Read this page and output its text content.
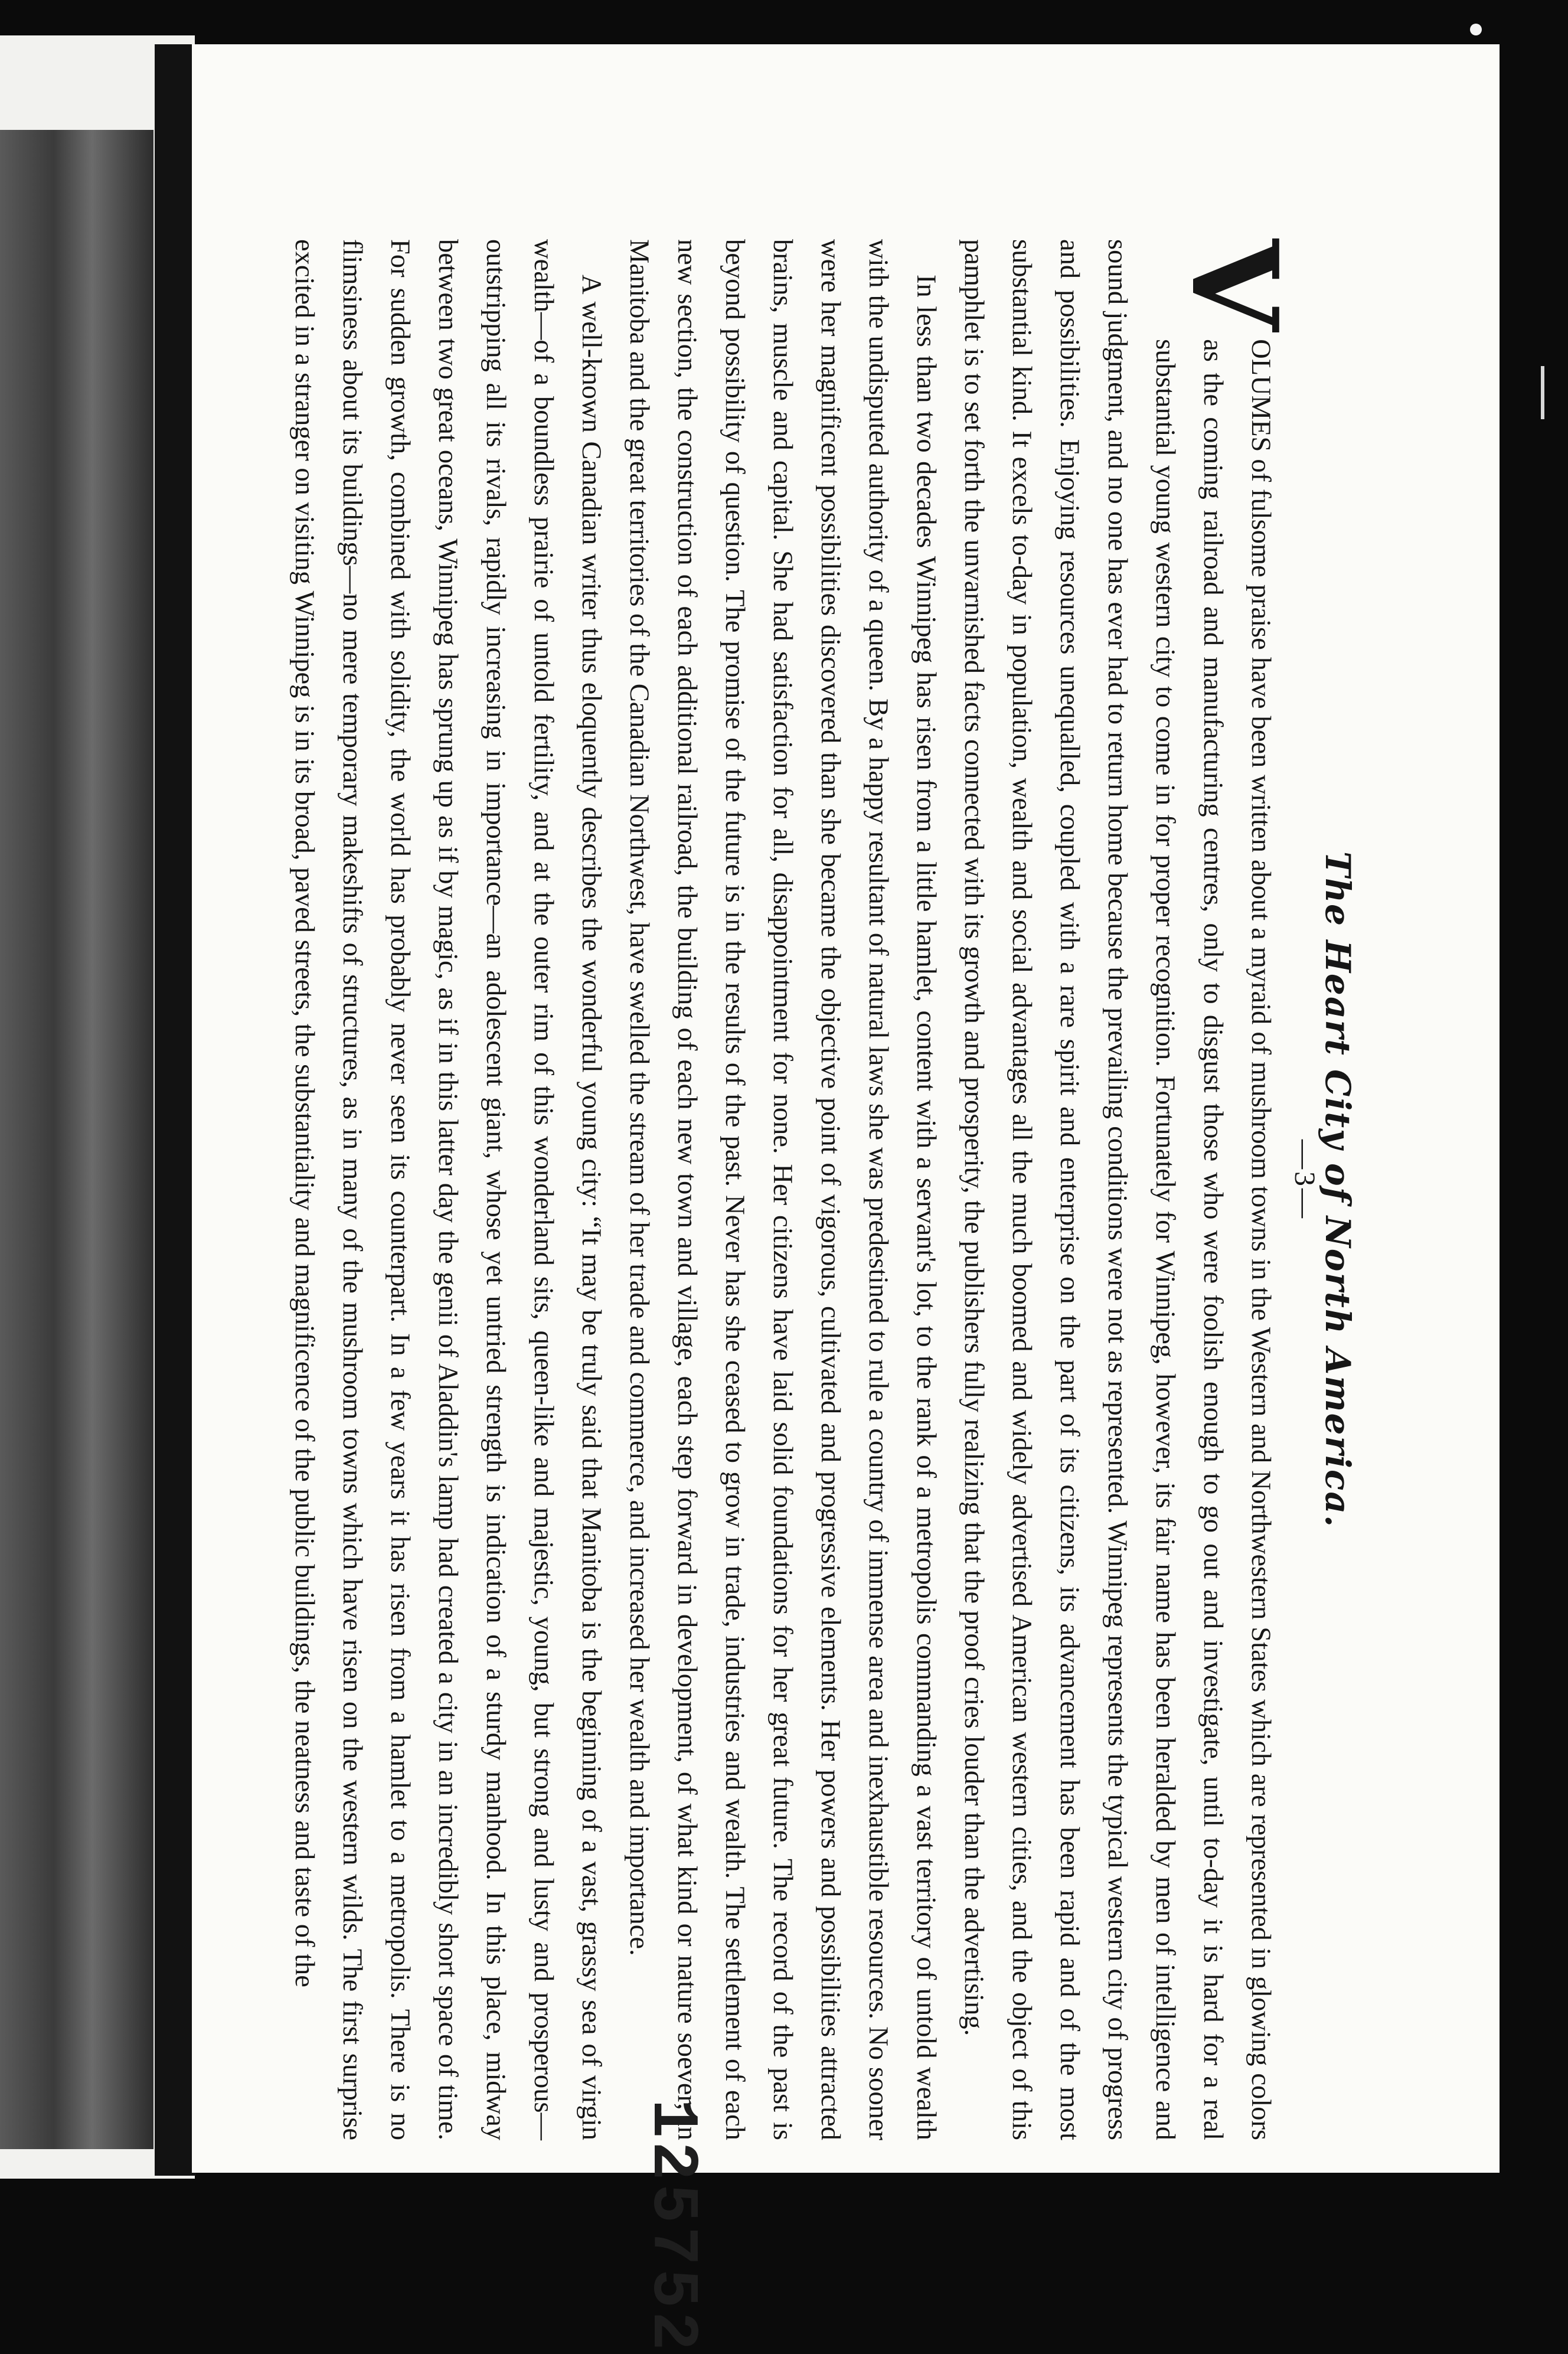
The Heart City of North America.

V
OLUMES of fulsome praise have been written about a myraid of mushroom towns in the Western and Northwestern States which are represented in glowing colors as the coming railroad and manufacturing centres, only to disgust those who were foolish enough to go out and investigate, until to-day it is hard for a real substantial young western city to come in for proper recognition. Fortunately for Winnipeg, however, its fair name has been heralded by men of intelligence and sound judgment, and no one has ever had to return home because the prevailing conditions were not as represented. Winnipeg represents the typical western city of progress and possibilities. Enjoying resources unequalled, coupled with a rare spirit and enterprise on the part of its citizens, its advancement has been rapid and of the most substantial kind. It excels to-day in population, wealth and social advantages all the much boomed and widely advertised American western cities, and the object of this pamphlet is to set forth the unvarnished facts connected with its growth and prosperity, the publishers fully realizing that the proof cries louder than the advertising.

In less than two decades Winnipeg has risen from a little hamlet, content with a servant's lot, to the rank of a metropolis commanding a vast territory of untold wealth with the undisputed authority of a queen. By a happy resultant of natural laws she was predestined to rule a country of immense area and inexhaustible resources. No sooner were her magnificent possibilities discovered than she became the objective point of vigorous, cultivated and progressive elements. Her powers and possibilities attracted brains, muscle and capital. She had satisfaction for all, disappointment for none. Her citizens have laid solid foundations for her great future. The record of the past is beyond possibility of question. The promise of the future is in the results of the past. Never has she ceased to grow in trade, industries and wealth. The settlement of each new section, the construction of each additional railroad, the building of each new town and village, each step forward in development, of what kind or nature soever, in Manitoba and the great territories of the Canadian Northwest, have swelled the stream of her trade and commerce, and increased her wealth and importance.

A well-known Canadian writer thus eloquently describes the wonderful young city: “It may be truly said that Manitoba is the beginning of a vast, grassy sea of virgin wealth—of a boundless prairie of untold fertility, and at the outer rim of this wonderland sits, queen-like and majestic, young, but strong and lusty and prosperous—outstripping all its rivals, rapidly increasing in importance—an adolescent giant, whose yet untried strength is indication of a sturdy manhood. In this place, midway between two great oceans, Winnipeg has sprung up as if by magic, as if in this latter day the genii of Aladdin's lamp had created a city in an incredibly short space of time. For sudden growth, combined with solidity, the world has probably never seen its counterpart. In a few years it has risen from a hamlet to a metropolis. There is no flimsiness about its buildings—no mere temporary makeshifts of structures, as in many of the mushroom towns which have risen on the western wilds. The first surprise excited in a stranger on visiting Winnipeg is in its broad, paved streets, the substantiality and magnificence of the public buildings, the neatness and taste of the	—3—
125752
